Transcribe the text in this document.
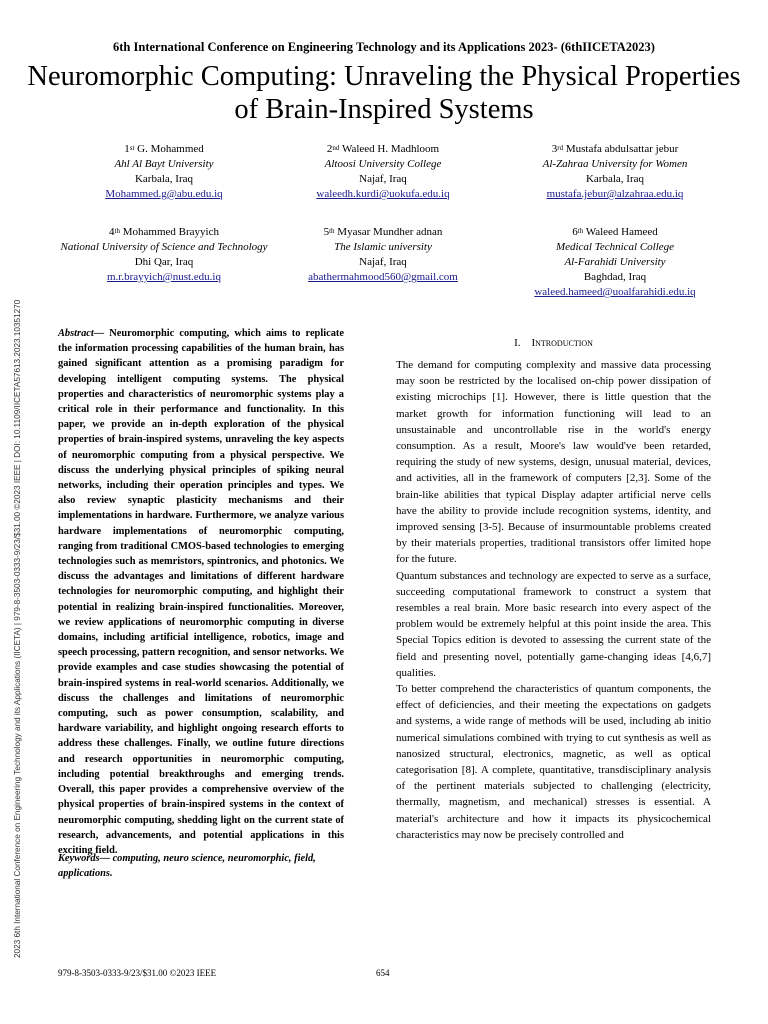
6th International Conference on Engineering Technology and its Applications 2023- (6thIICETA2023)
Neuromorphic Computing: Unraveling the Physical Properties of Brain-Inspired Systems
2023 6th International Conference on Engineering Technology and its Applications (IICETA) | 979-8-3503-0333-9/23/$31.00 ©2023 IEEE | DOI: 10.1109/IICETA57613.2023.10351270
1st G. Mohammed
Ahl Al Bayt University
Karbala, Iraq
Mohammed.g@abu.edu.iq
2nd Waleed H. Madhloom
Altoosi University College
Najaf, Iraq
waleedh.kurdi@uokufa.edu.iq
3rd Mustafa abdulsattar jebur
Al-Zahraa University for Women
Karbala, Iraq
mustafa.jebur@alzahraa.edu.iq
4th Mohammed Brayyich
National University of Science and Technology
Dhi Qar, Iraq
m.r.brayyich@nust.edu.iq
5th Myasar Mundher adnan
The Islamic university
Najaf, Iraq
abathermahmood560@gmail.com
6th Waleed Hameed
Medical Technical College
Al-Farahidi University
Baghdad, Iraq
waleed.hameed@uoalfarahidi.edu.iq
Abstract— Neuromorphic computing, which aims to replicate the information processing capabilities of the human brain, has gained significant attention as a promising paradigm for developing intelligent computing systems. The physical properties and characteristics of neuromorphic systems play a critical role in their performance and functionality. In this paper, we provide an in-depth exploration of the physical properties of brain-inspired systems, unraveling the key aspects of neuromorphic computing from a physical perspective. We discuss the underlying physical principles of spiking neural networks, including their operation principles and types. We also review synaptic plasticity mechanisms and their implementations in hardware. Furthermore, we analyze various hardware implementations of neuromorphic computing, ranging from traditional CMOS-based technologies to emerging technologies such as memristors, spintronics, and photonics. We discuss the advantages and limitations of different hardware technologies for neuromorphic computing, and highlight their potential in realizing brain-inspired functionalities. Moreover, we review applications of neuromorphic computing in diverse domains, including artificial intelligence, robotics, image and speech processing, pattern recognition, and sensor networks. We provide examples and case studies showcasing the potential of brain-inspired systems in real-world scenarios. Additionally, we discuss the challenges and limitations of neuromorphic computing, such as power consumption, scalability, and hardware variability, and highlight ongoing research efforts to address these challenges. Finally, we outline future directions and research opportunities in neuromorphic computing, including potential breakthroughs and emerging trends. Overall, this paper provides a comprehensive overview of the physical properties of brain-inspired systems in the context of neuromorphic computing, shedding light on the current state of research, advancements, and potential applications in this exciting field.
Keywords— computing, neuro science, neuromorphic, field, applications.
I. Introduction

The demand for computing complexity and massive data processing may soon be restricted by the localised on-chip power dissipation of existing microchips [1]. However, there is little question that the market growth for information functioning will lead to an unsustainable and uncontrollable rise in the world's energy consumption. As a result, Moore's law would've been retarded, requiring the study of new systems, design, unusual material, devices, and activities, all in the framework of computers [2,3]. Some of the brain-like abilities that typical Display adapter artificial nerve cells have the ability to provide include recognition systems, identity, and improved sensing [3-5]. Because of insurmountable problems created by their materials properties, traditional transistors offer limited hope for the future.

Quantum substances and technology are expected to serve as a surface, succeeding computational framework to construct a system that resembles a real brain. More basic research into every aspect of the problem would be extremely helpful at this point inside the area. This Special Topics edition is devoted to assessing the current state of the field and presenting novel, potentially game-changing ideas [4,6,7] qualities.

To better comprehend the characteristics of quantum components, the effect of deficiencies, and their meeting the expectations on gadgets and systems, a wide range of methods will be used, including ab initio numerical simulations combined with trying to cut synthesis as well as nanosized structural, electronics, magnetic, as well as optical categorisation [8]. A complete, quantitative, transdisciplinary analysis of the pertinent materials subjected to challenging (electricity, thermally, magnetism, and mechanical) stresses is essential. A material's architecture and how it impacts its physicochemical characteristics may now be precisely controlled and

979-8-3503-0333-9/23/$31.00 ©2023 IEEE	654
